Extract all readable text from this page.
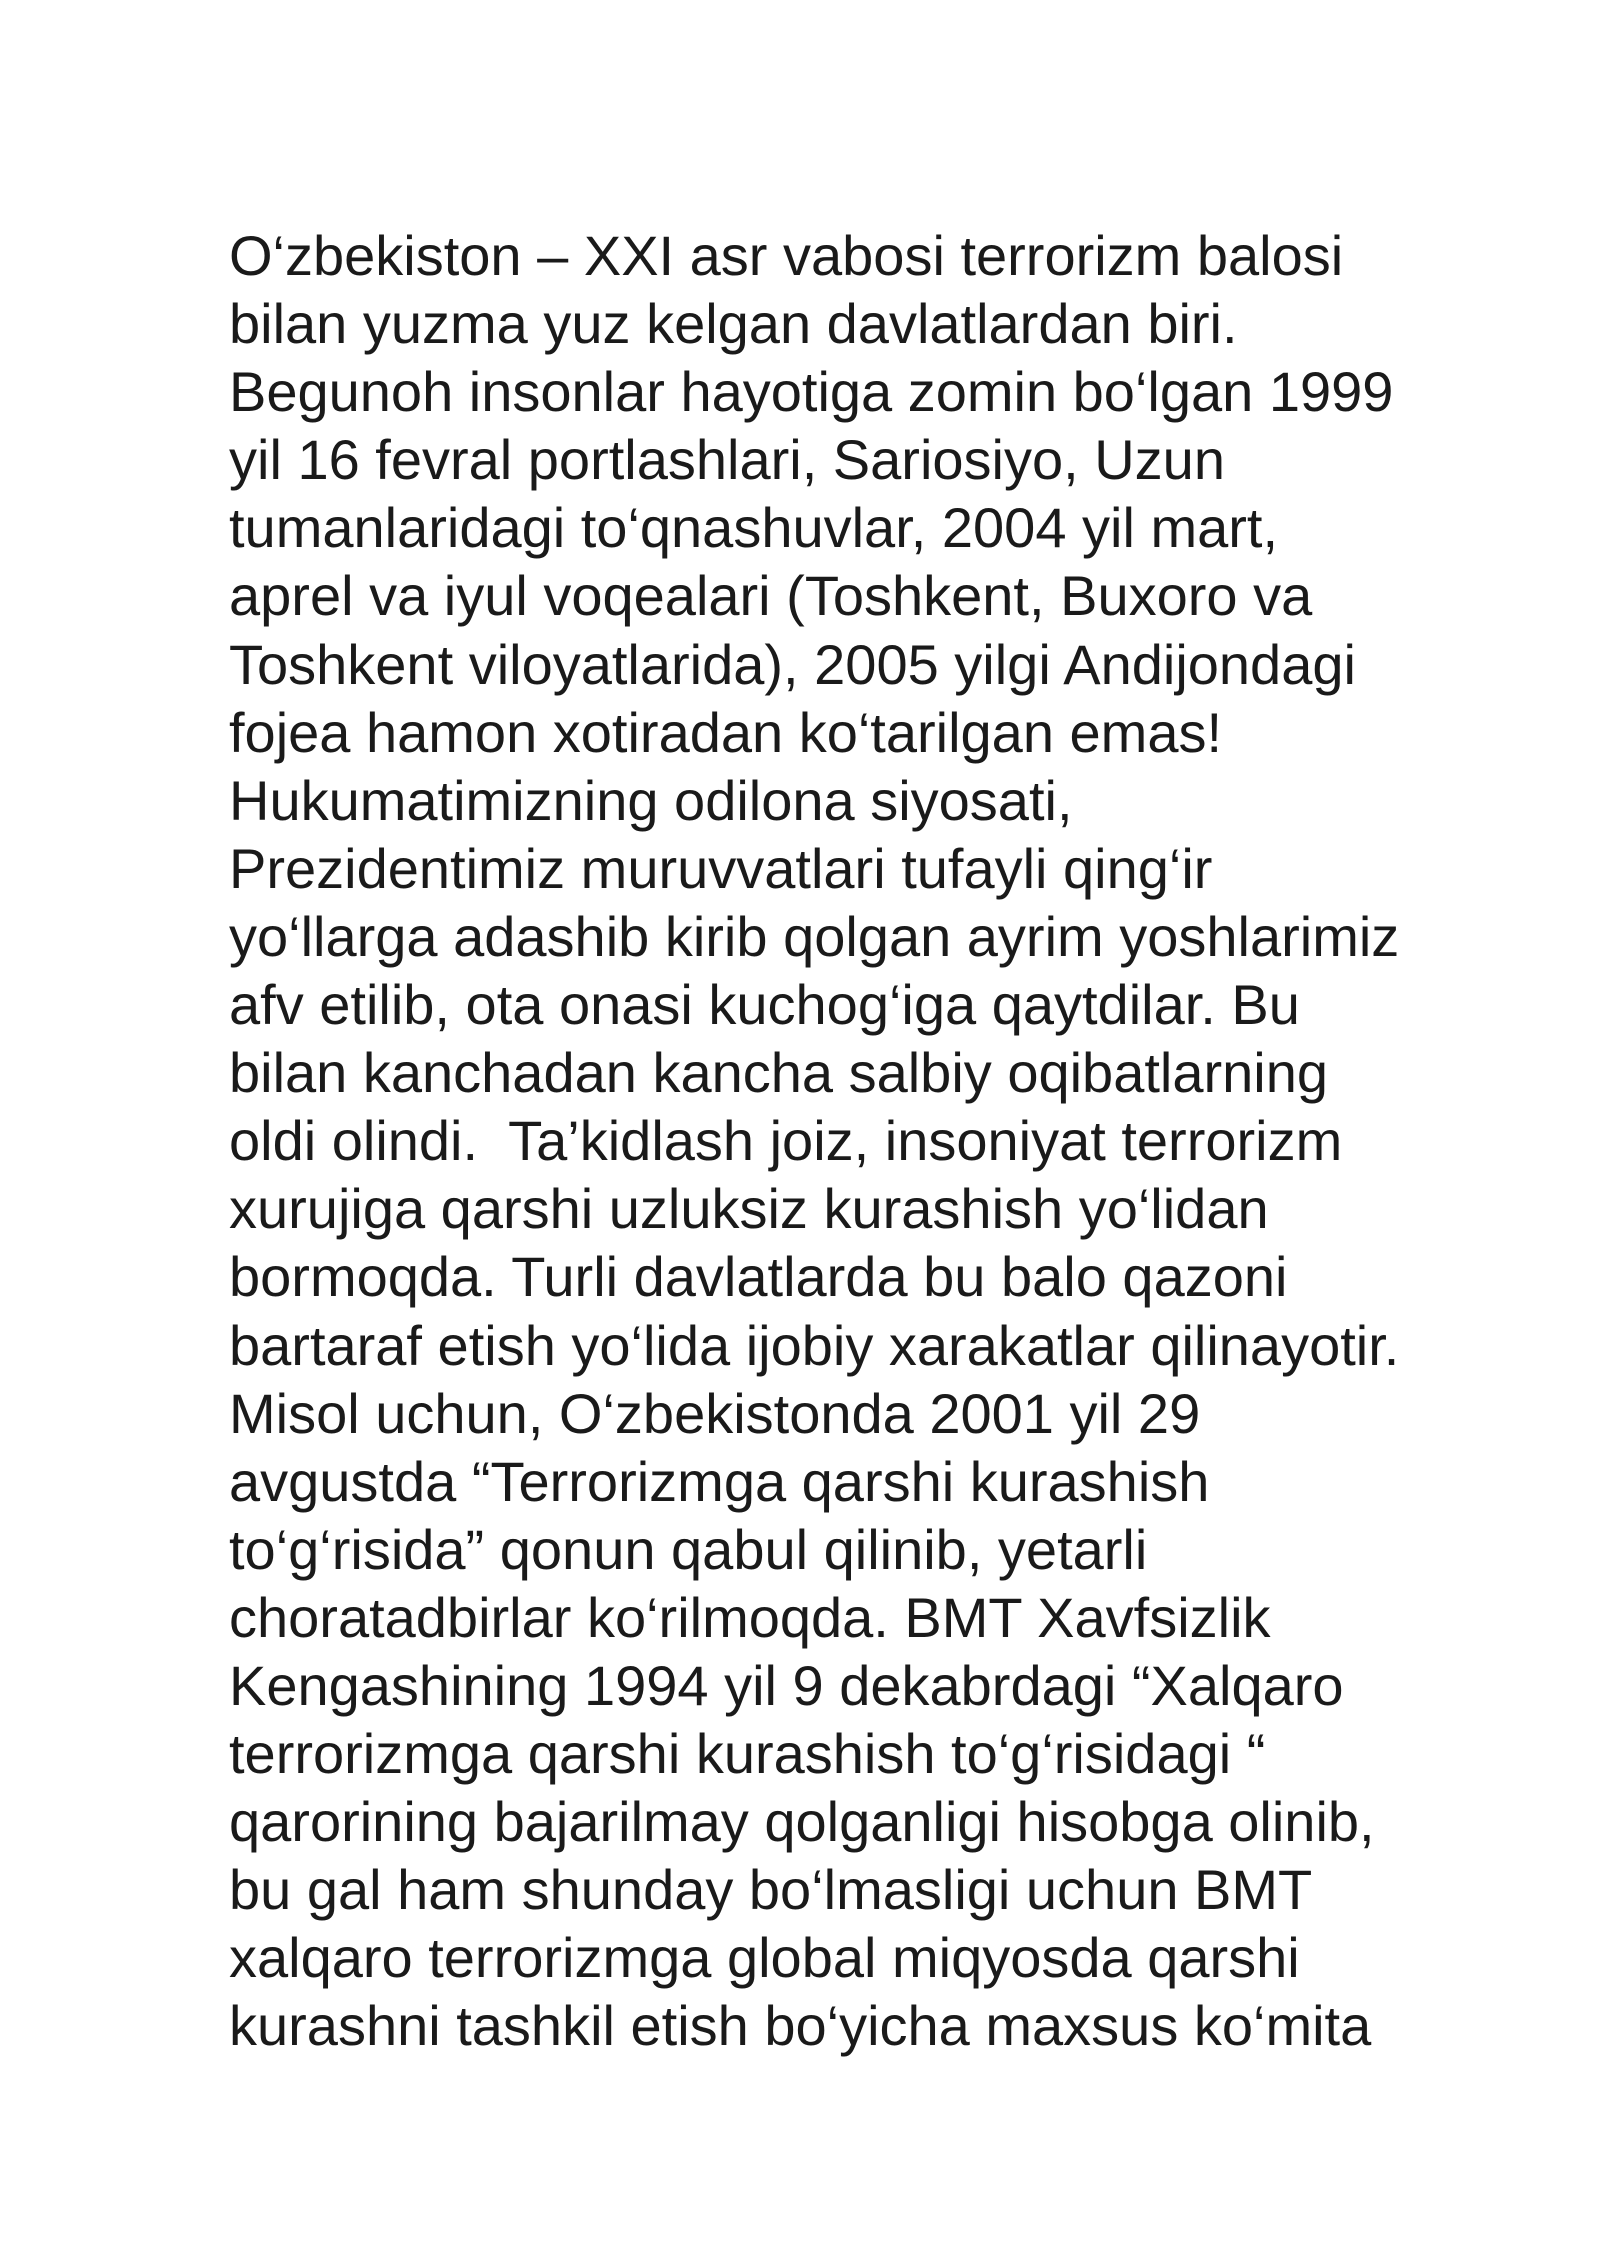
O‘zbekiston – XXI asr vabosi terrorizm balosi
bilan yuzma yuz kelgan davlatlardan biri.
Begunoh insonlar hayotiga zomin bo‘lgan 1999
yil 16 fevral portlashlari, Sariosiyo, Uzun
tumanlaridagi to‘qnashuvlar, 2004 yil mart,
aprel va iyul voqealari (Toshkent, Buxoro va
Toshkent viloyatlarida), 2005 yilgi Andijondagi
fojea hamon xotiradan ko‘tarilgan emas!
Hukumatimizning odilona siyosati,
Prezidentimiz muruvvatlari tufayli qing‘ir
yo‘llarga adashib kirib qolgan ayrim yoshlarimiz
afv etilib, ota onasi kuchog‘iga qaytdilar. Bu
bilan kanchadan kancha salbiy oqibatlarning
oldi olindi.  Ta’kidlash joiz, insoniyat terrorizm
xurujiga qarshi uzluksiz kurashish yo‘lidan
bormoqda. Turli davlatlarda bu balo qazoni
bartaraf etish yo‘lida ijobiy xarakatlar qilinayotir.
Misol uchun, O‘zbekistonda 2001 yil 29
avgustda “Terrorizmga qarshi kurashish
to‘g‘risida” qonun qabul qilinib, yetarli
choratadbirlar ko‘rilmoqda. BMT Xavfsizlik
Kengashining 1994 yil 9 dekabrdagi “Xalqaro
terrorizmga qarshi kurashish to‘g‘risidagi “
qarorining bajarilmay qolganligi hisobga olinib,
bu gal ham shunday bo‘lmasligi uchun BMT
xalqaro terrorizmga global miqyosda qarshi
kurashni tashkil etish bo‘yicha maxsus ko‘mita
